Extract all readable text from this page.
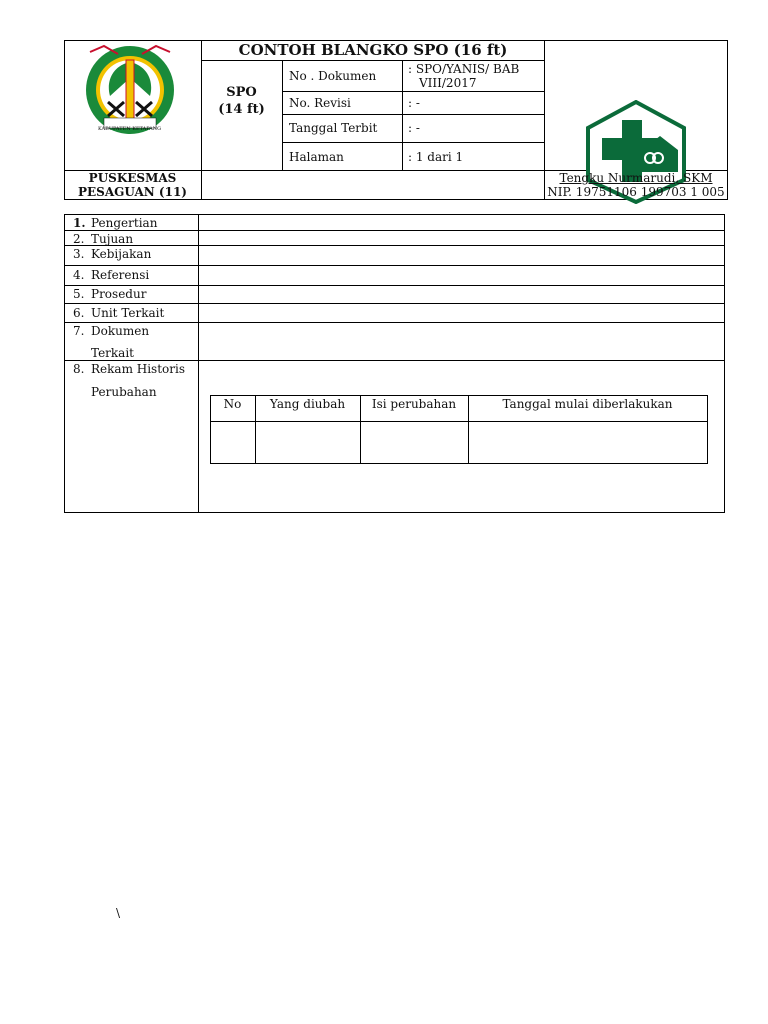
KABUPATEN KETAPANG
CONTOH BLANGKO SPO (16 ft)
SPO
(14 ft)
No . Dokumen	: SPO/YANIS/ BAB
VIII/2017
No. Revisi	: -
Tanggal Terbit	: -
Halaman	: 1 dari 1
PUSKESMAS
PESAGUAN (11)
Tengku Nurmarudi, SKM
NIP. 19751106 199703 1 005
1. Pengertian
2. Tujuan
3. Kebijakan
4. Referensi
5. Prosedur
6. Unit Terkait
7. Dokumen
Terkait
8. Rekam Historis
Perubahan
No	Yang diubah	Isi perubahan	Tanggal mulai diberlakukan
\
